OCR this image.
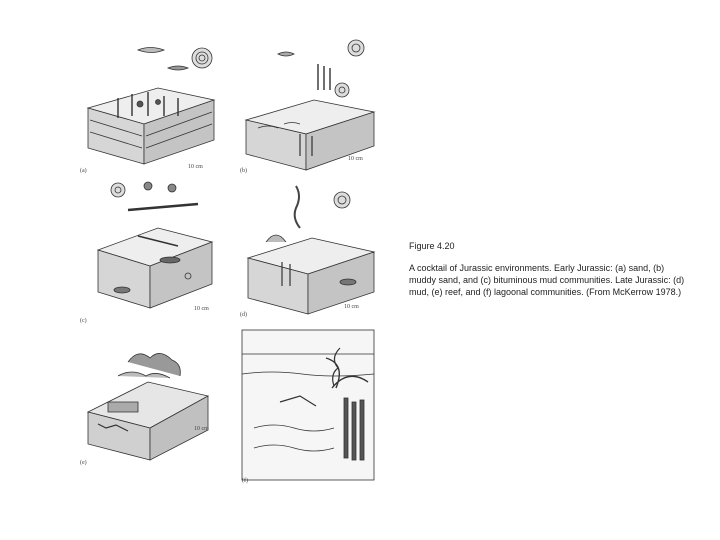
(a)
10 cm
(b)
10 cm
(c)
10 cm
(d)
10 cm
(e)
10 cm
(f)
Figure 4.20
A cocktail of Jurassic environments. Early Jurassic: (a) sand, (b) muddy sand, and (c) bituminous mud communities. Late Jurassic: (d) mud, (e) reef, and (f) lagoonal communities. (From McKerrow 1978.)
